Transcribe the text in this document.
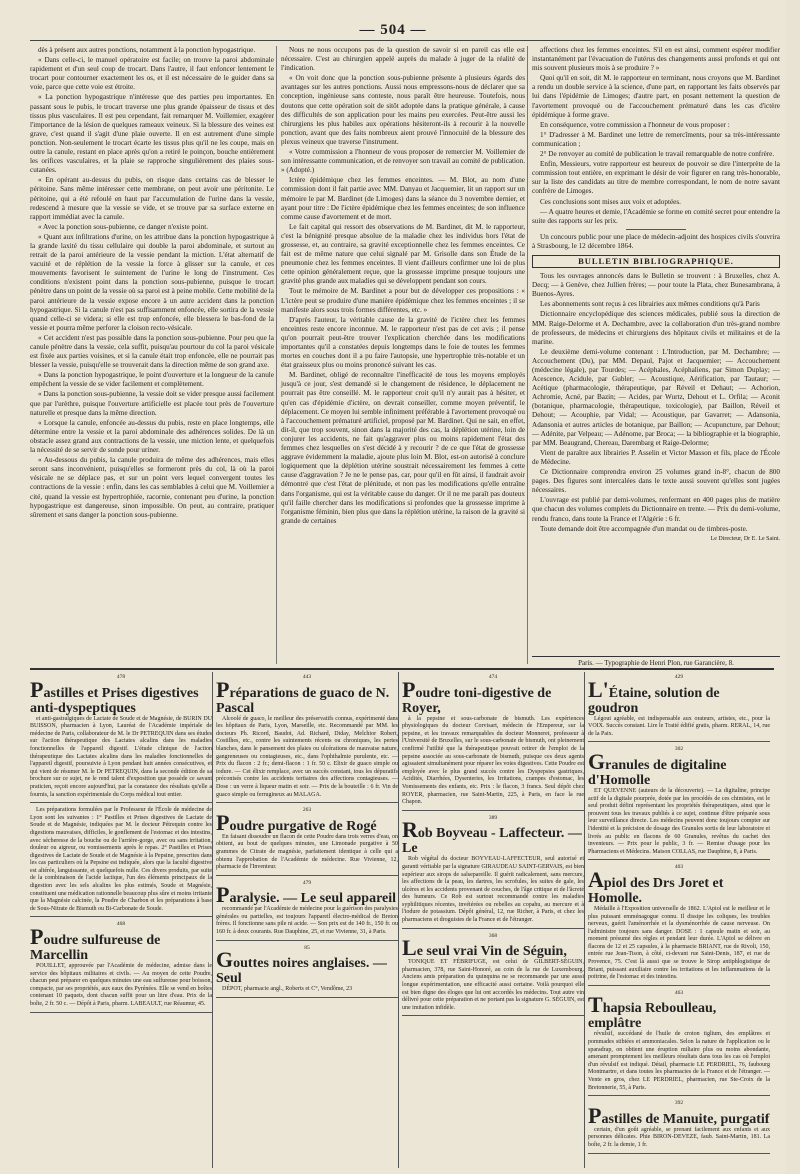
— 504 —

dès à présent aux autres ponctions, notamment à la ponction hypogastrique.

« Dans celle-ci, le manuel opératoire est facile; on trouve la paroi abdominale rapidement et d'un seul coup de trocart. Dans l'autre, il faut enfoncer lentement le trocart pour contourner exactement les os, et il est nécessaire de le guider dans sa voie, parce que cette voie est étroite.

« La ponction hypogastrique n'intéresse que des parties peu importantes. En passant sous le pubis, le trocart traverse une plus grande épaisseur de tissus et des tissus plus vasculaires. Il est peu cependant, fait remarquer M. Voillemier, exagérer l'importance de la lésion de quelques rameaux veineux. Si la blessure des veines est grave, c'est quand il s'agit d'une plaie ouverte. Il en est autrement d'une simple ponction. Non-seulement le trocart écarte les tissus plus qu'il ne les coupe, mais en outre la canule, restant en place après qu'on a retiré le poinçon, bouche entièrement les orifices vasculaires, et la plaie se rapproche singulièrement des plaies sous-cutanées.

« En opérant au-dessus du pubis, on risque dans certains cas de blesser le péritoine. Sans même intéresser cette membrane, on peut avoir une péritonite. Le péritoine, qui a été refoulé en haut par l'accumulation de l'urine dans la vessie, redescend à mesure que la vessie se vide, et se trouve par sa surface externe en rapport immédiat avec la canule.

« Avec la ponction sous-pubienne, ce danger n'existe point.

« Quant aux infiltrations d'urine, on les attribue dans la ponction hypogastrique à la grande laxité du tissu cellulaire qui double la paroi abdominale, et surtout au retrait de la paroi antérieure de la vessie pendant la miction. L'état alternatif de vacuité et de réplétion de la vessie la force à glisser sur la canule, et ces mouvements favorisent le suintement de l'urine le long de l'instrument. Ces conditions n'existent point dans la ponction sous-pubienne, puisque le trocart pénètre dans un point de la vessie où sa paroi est à peine mobile. Cette mobilité de la paroi antérieure de la vessie expose encore à un autre accident dans la ponction hypogastrique. Si la canule n'est pas suffisamment enfoncée, elle sortira de la vessie quand celle-ci se videra; si elle est trop enfoncée, elle blessera le bas-fond de la vessie et pourra même perforer la cloison recto-vésicale.

« Cet accident n'est pas possible dans la ponction sous-pubienne. Pour peu que la canule pénètre dans la vessie, cela suffit, puisqu'au pourtour du col la paroi vésicale est fixée aux parties voisines, et si la canule était trop enfoncée, elle ne pourrait pas blesser la vessie, puisqu'elle se trouverait dans la direction même de son grand axe.

« Dans la ponction hypogastrique, le point d'ouverture et la longueur de la canule empêchent la vessie de se vider facilement et complètement.

« Dans la ponction sous-pubienne, la vessie doit se vider presque aussi facilement que par l'urèthre, puisque l'ouverture artificielle est placée tout près de l'ouverture naturelle et presque dans la même direction.

« Lorsque la canule, enfoncée au-dessus du pubis, reste en place longtemps, elle détermine entre la vessie et la paroi abdominale des adhérences solides. De là un obstacle assez grand aux contractions de la vessie, une miction lente, et quelquefois la nécessité de se servir de sonde pour uriner.

« Au-dessous du pubis, la canule produira de même des adhérences, mais elles seront sans inconvénient, puisqu'elles se formeront près du col, là où la paroi vésicale ne se déplace pas, et sur un point vers lequel convergent toutes les contractions de la vessie : enfin, dans les cas semblables à celui que M. Voillemier a cité, quand la vessie est hypertrophiée, racornie, contenant peu d'urine, la ponction hypogastrique est dangereuse, sinon impossible. On peut, au contraire, pratiquer sûrement et sans danger la ponction sous-pubienne.

Nous ne nous occupons pas de la question de savoir si en pareil cas elle est nécessaire. C'est au chirurgien appelé auprès du malade à juger de la réalité de l'indication.

« On voit donc que la ponction sous-pubienne présente à plusieurs égards des avantages sur les autres ponctions. Aussi nous empressons-nous de déclarer que sa conception, ingénieuse sans conteste, nous paraît être heureuse. Toutefois, nous doutons que cette opération soit de sitôt adoptée dans la pratique générale, à cause des difficultés de son application pour les mains peu exercées. Peut-être aussi les chirurgiens les plus habiles aux opérations hésiteront-ils à recourir à la nouvelle ponction, avant que des faits nombreux aient prouvé l'innocuité de la blessure des plexus veineux que traverse l'instrument.

« Votre commission a l'honneur de vous proposer de remercier M. Voillemier de son intéressante communication, et de renvoyer son travail au comité de publication. » (Adopté.)

Ictère épidémique chez les femmes enceintes. — M. Blot, au nom d'une commission dont il fait partie avec MM. Danyau et Jacquemier, lit un rapport sur un mémoire le par M. Bardinet (de Limoges) dans la séance du 3 novembre dernier, et ayant pour titre : De l'ictère épidémique chez les femmes enceintes; de son influence comme cause d'avortement et de mort.

Le fait capital qui ressort des observations de M. Bardinet, dit M. le rapporteur, c'est la bénignité presque absolue de la maladie chez les individus hors l'état de grossesse, et, au contraire, sa gravité exceptionnelle chez les femmes enceintes. Ce fait est de même nature que celui signalé par M. Grisolle dans son Étude de la pneumonie chez les femmes enceintes. Il vient d'ailleurs confirmer une loi de plus cette opinion généralement reçue, que la grossesse imprime presque toujours une gravité plus grande aux maladies qui se développent pendant son cours.

Tout le mémoire de M. Bardinet a pour but de développer ces propositions : « L'ictère peut se produire d'une manière épidémique chez les femmes enceintes ; il se manifeste alors sous trois formes différentes, etc. »

D'après l'auteur, la véritable cause de la gravité de l'ictère chez les femmes enceintes reste encore inconnue. M. le rapporteur n'est pas de cet avis ; il pense qu'on pourrait peut-être trouver l'explication cherchée dans les modifications importantes qu'il a constatées depuis longtemps dans le foie de toutes les femmes mortes en couches dont il a pu faire l'autopsie, une hypertrophie très-notable et un état graisseux plus ou moins prononcé suivant les cas.

M. Bardinet, obligé de reconnaître l'inefficacité de tous les moyens employés jusqu'à ce jour, s'est demandé si le changement de résidence, le déplacement ne pourrait pas être conseillé. M. le rapporteur croit qu'il n'y aurait pas à hésiter, et qu'en cas d'épidémie d'ictère, on devrait conseiller, comme moyen préventif, le déplacement. Ce moyen lui semble infiniment préférable à l'avortement provoqué ou à l'accouchement prématuré artificiel, proposé par M. Bardinet. Qui ne sait, en effet, dit-il, que trop souvent, sinon dans la majorité des cas, la déplétion utérine, loin de conjurer les accidents, ne fait qu'aggraver plus ou moins rapidement l'état des femmes chez lesquelles on s'est décidé à y recourir ? de ce que l'état de grossesse aggrave évidemment la maladie, ajoute plus loin M. Blot, est-on autorisé à conclure logiquement que la déplétion utérine soustrait nécessairement les femmes à cette cause d'aggravation ? Je ne le pense pas, car, pour qu'il en fût ainsi, il faudrait avoir démontré que c'est l'état de plénitude, et non pas les modifications qu'elle entraîne dans l'organisme, qui est la véritable cause du danger. Or il ne me paraît pas douteux qu'il faille chercher dans les modifications si profondes que la grossesse imprime à l'organisme féminin, bien plus que dans la réplétion utérine, la raison de la gravité si grande de certaines

affections chez les femmes enceintes. S'il en est ainsi, comment espérer modifier instantanément par l'évacuation de l'utérus des changements aussi profonds et qui ont mis souvent plusieurs mois à se produire ? »

Quoi qu'il en soit, dit M. le rapporteur en terminant, nous croyons que M. Bardinet a rendu un double service à la science, d'une part, en rapportant les faits observés par lui dans l'épidémie de Limoges; d'autre part, en posant nettement la question de l'avortement provoqué ou de l'accouchement prématuré dans les cas d'ictère épidémique à forme grave.

En conséquence, votre commission a l'honneur de vous proposer :

1° D'adresser à M. Bardinet une lettre de remercîments, pour sa très-intéressante communication ;

2° De renvoyer au comité de publication le travail remarquable de notre confrère.

Enfin, Messieurs, votre rapporteur est heureux de pouvoir se dire l'interprète de la commission tout entière, en exprimant le désir de voir figurer en rang très-honorable, sur la liste des candidats au titre de membre correspondant, le nom de notre savant confrère de Limoges.

Ces conclusions sont mises aux voix et adoptées.

— A quatre heures et demie, l'Académie se forme en comité secret pour entendre la suite des rapports sur les prix.

Un concours public pour une place de médecin-adjoint des hospices civils s'ouvrira à Strasbourg, le 12 décembre 1864.

BULLETIN BIBLIOGRAPHIQUE.

Tous les ouvrages annoncés dans le Bulletin se trouvent : à Bruxelles, chez A. Decq; — à Genève, chez Jullien frères; — pour toute la Plata, chez Bunesambrana, à Buenos-Ayres.

Les abonnements sont reçus à ces librairies aux mêmes conditions qu'à Paris

Dictionnaire encyclopédique des sciences médicales, publié sous la direction de MM. Raige-Delorme et A. Dechambre, avec la collaboration d'un très-grand nombre de professeurs, de médecins et chirurgiens des hôpitaux civils et militaires et de la marine.

Le deuxième demi-volume contenant : L'Introduction, par M. Dechambre; — Accouchement (Du), par MM. Depaul, Pajot et Jacquemier; — Accouchement (médecine légale), par Tourdes; — Acéphales, Acéphaliens, par Simon Duplay; — Acescence, Acidule, par Gubler; — Acoustique, Aérification, par Tautaur; — Acétique (pharmacologie, thérapeutique, par Réveil et Dehaut; — Achorion, Achromie, Acné, par Bazin; — Acides, par Wurtz, Dehout et L. Orfila; — Aconit (botanique, pharmacologie, thérapeutique, toxicologie), par Baillon, Réveil et Dehout; — Acouphie, par Vidal; — Acoustique, par Gavarret; — Adansonia, Adansonia et autres articles de botanique, par Baillon; — Acupuncture, par Dehout; — Adénite, par Velpeau; — Adénome, par Broca; — la bibliographie et la biographie, par MM. Beaugrand, Chereau, Darembarg et Raige-Delorme;

Vient de paraître aux librairies P. Asselin et Victor Masson et fils, place de l'École de Médecine.

Ce Dictionnaire comprendra environ 25 volumes grand in-8°, chacun de 800 pages. Des figures sont intercalées dans le texte aussi souvent qu'elles sont jugées nécessaires.

L'ouvrage est publié par demi-volumes, renfermant en 400 pages plus de matière que chacun des volumes complets du Dictionnaire en trente. — Prix du demi-volume, rendu franco, dans toute la France et l'Algérie : 6 fr.

Toute demande doit être accompagnée d'un mandat ou de timbres-poste.

Le Directeur, Dr E. Le Saint.

Paris. — Typographie de Henri Plon, rue Garancière, 8.
478
Pastilles et Prises digestives anti-dyspeptiques

et anti-gastralgiques de Lactate de Soude et de Magnésie, de BURIN DU BUISSON, pharmacien à Lyon, Lauréat de l'Académie impériale de médecine de Paris, collaborateur de M. le Dr PETREQUIN dans ses études sur l'action thérapeutique des Lactates alcalins dans les maladies fonctionnelles de l'appareil digestif. L'étude clinique de l'action thérapeutique des Lactates alcalins dans les maladies fonctionnelles de l'appareil digestif, poursuivie à Lyon pendant huit années consécutives, et qui vient de résumer M. le Dr PETREQUIN, dans la seconde édition de sa brochure sur ce sujet, ne le rend talent d'exposition que possède ce savant praticien, reçoit encore aujourd'hui, par la constance des résultats qu'elle a fournis, la sanction expérimentale du Corps médical tout entier.

Les préparations formulées par le Professeur de l'École de médecine de Lyon sont les suivantes : 1° Pastilles et Prises digestives de Lactate de Soude et de Magnésie, indiquées par M. le docteur Pétrequin contre les digestions mauvaises, difficiles, le gonflement de l'estomac et des intestins, avec sécheresse de la bouche ou de l'arrière-gorge, avec ou sans irritation, douleur ou aigreur, ou vomissements après le repas. 2° Pastilles et Prises digestives de Lactate de Soude et de Magnésie à la Pepsine, prescrites dans les cas particuliers où la Pepsine est indiquée, alors que la faculté digestive est altérée, languissante, et quelquefois nulle. Ces divers produits, par suite de la combinaison de l'acide lactique, l'un des éléments principaux de la digestion avec les sels alcalins les plus estimés, Soude et Magnésie, constituent une médication rationnelle beaucoup plus sûre et moins irritante que la Magnésie calcinée, la Poudre de Charbon et les préparations à base de Sous-Nitrate de Bismuth ou Bi-Carbonate de Soude.

468
Poudre sulfureuse de Marcellin

POUILLET, approuvée par l'Académie de médecine, admise dans le service des hôpitaux militaires et civils. — Au moyen de cette Poudre, chacun peut préparer en quelques minutes une eau sulfureuse pour boisson, compacte, par ses propriétés, aux eaux des Pyrénées. Elle se vend en boîtes contenant 10 paquets, dont chacun suffit pour un litre d'eau. Prix de la boîte, 2 fr. 50 c. — Dépôt à Paris, pharm. LABEAULT, rue Réaumur, 45.

443
Préparations de guaco de N. Pascal

Alcoolé de guaco, le meilleur des préservatifs connus, expérimenté dans les hôpitaux de Paris, Lyon, Marseille, etc. Recommandé par MM. les docteurs Ph. Ricord, Baudot, Ad. Richard, Diday, Melchior Robert, Costilhes, etc., contre les suintements récents ou chroniques, les pertes blanches, dans le pansement des plaies ou ulcérations de mauvaise nature, gangreneuses ou contagieuses, etc., dans l'ophthalmie purulente, etc. — Prix du flacon : 2 fr.; demi-flacon : 1 fr. 50 c. Elixir de guaco simple ou iodure. — Cet élixir remplace, avec un succès constant, tous les dépuratifs préconisés contre les accidents tertiaires des affections contagieuses. — Dose : un verre à liqueur matin et soir. — Prix de la bouteille : 6 fr. Vin de guaco simple ou ferrugineux au MALAGA.

263
Poudre purgative de Rogé

En faisant dissoudre un flacon de cette Poudre dans trois verres d'eau, on obtient, au bout de quelques minutes, une Limonade purgative à 50 grammes de Citrate de magnésie, parfaitement identique à celle qui a obtenu l'approbation de l'Académie de médecine. Rue Vivienne, 12, pharmacie de l'Inventeur.

479
Paralysie. — Le seul appareil

recommandé par l'Académie de médecine pour la guérison des paralysies générales ou partielles, est toujours l'appareil électro-médical de Breton frères. Il fonctionne sans pile ni acide. — Son prix est de 140 fr., 150 fr. ou 160 fr. à deux courants. Rue Dauphine, 25, et rue Vivienne, 31, à Paris.

85
Gouttes noires anglaises. — Seul

DÉPOT, pharmacie angl., Roberts et C°, Vendôme, 23

474
Poudre toni-digestive de Royer,

à la pepsine et sous-carbonate de bismuth. Les expériences physiologiques du docteur Corvisart, médecin de l'Empereur, sur la pepsine, et les travaux remarquables du docteur Monneret, professeur à l'Université de Bruxelles, sur le sous-carbonate de bismuth, ont pleinement confirmé l'utilité que la thérapeutique pouvait retirer de l'emploi de la pepsine associée au sous-carbonate de bismuth, puisque ces deux agents agissaient simultanément pour réparer les voies digestives. Cette Poudre est employée avec le plus grand succès contre les Dyspepsies gastriques, Acidités, Diarrhées, Dysenteries, les Irritations, crampes d'estomac, les Vomissements des enfants, etc. Prix : le flacon, 3 francs. Seul dépôt chez ROYER, pharmacien, rue Saint-Martin, 225, à Paris, en face la rue Chapon.

389
Rob Boyveau - Laffecteur. — Le

Rob végétal du docteur BOYVEAU-LAFFECTEUR, seul autorisé et garanti véritable par la signature GIRAUDEAU SAINT-GERVAIS, est bien supérieur aux sirops de salsepareille. Il guérit radicalement, sans mercure, les affections de la peau, les dartres, les scrofules, les suites de gale, les ulcères et les accidents provenant de couches, de l'âge critique et de l'âcreté des humeurs. Ce Rob est surtout recommandé contre les maladies syphilitiques récentes, invétérées ou rebelles au copahu, au mercure et à l'iodure de potassium. Dépôt général, 12, rue Richer, à Paris, et chez les pharmaciens et droguistes de la France et de l'étranger.

368
Le seul vrai Vin de Séguin,

TONIQUE ET FÉBRIFUGE, est celui de GILBERT-SÉGUIN, pharmacien, 378, rue Saint-Honoré, au coin de la rue de Luxembourg. Anciens amis préparation du quinquina ne se recommande par une aussi longue expérimentation, une efficacité aussi certaine. Voilà pourquoi elle est bien digne des éloges que lui ont accordés les médecins. Tout autre vin délivré pour cette préparation et ne portant pas la signature G. SÉGUIN, est une imitation infidèle.

429
L'Étaine, solution de goudron

Légout agréable, est indispensable aux orateurs, artistes, etc., pour la VOIX. Succès constant. Lire le Traité édifié gratis, pharm. RERAL, 14, rue de la Paix.

302
Granules de digitaline d'Homolle

ET QUEVENNE (auteurs de la découverte). — La digitaline, principe actif de la digitale pourprée, dotée par les procédés de ces chimistes, est le seul produit défini représentant les propriétés thérapeutiques, ainsi que le prouvent tous les travaux publiés à ce sujet, continue d'être préparée sous leur surveillance directe. Les médecins peuvent donc toujours compter sur l'identité et la précision de dosage des Granules sortis de leur laboratoire et livrés au public en flacons de 60 Granules, revêtus du cachet des inventeurs. — Prix pour le public, 3 fr. — Remise d'usage pour les Pharmaciens et Médecins. Maison COLLAS, rue Dauphine, 8, à Paris.

403
Apiol des Drs Joret et Homolle.

Médaille à l'Exposition universelle de 1862. L'Apiol est le meilleur et le plus puissant emménagogue connu. Il dissipe les coliques, les troubles nerveux, guérit l'aménorrhée et la dysménorrhée de cause nerveuse. On l'administre toujours sans danger. DOSE : 1 capsule matin et soir, au moment présumé des règles et pendant leur durée. L'Apiol se délivre en flacons de 12 et 25 capsules, à la pharmacie BRIANT, rue de Rivoli, 150, entrée rue Jean-Tison, à côté, ci-devant rue Saint-Denis, 187, et rue de Provence, 75. C'est là aussi que se trouve le Sirop antiphlogistique de Briant, puissant auxiliaire contre les irritations et les inflammations de la poitrine, de l'estomac et des intestins.

463
Thapsia Reboulleau, emplâtre

révulsif, succédané de l'huile de croton tiglium, des emplâtres et pommades stibiées et ammoniacales. Selon la nature de l'application ou le sparadrap, on obtient une éruption miliaire plus ou moins abondante, amenant promptement les meilleurs résultats dans tous les cas où l'emploi d'un révulsif est indiqué. Détail, pharmacie LE PERDRIEL, 76, faubourg Montmartre, et dans toutes les pharmacies de la France et de l'étranger. — Vente en gros, chez LE PERDRIEL, pharmacien, rue Ste-Croix de la Bretonnerie, 55, à Paris.

392
Pastilles de Manuite, purgatif

certain, d'un goût agréable, se prenant facilement aux enfants et aux personnes délicates. Phie BIRON-DEVEZE, faub. Saint-Martin, 181. La boîte, 2 fr. la demie, 1 fr.
